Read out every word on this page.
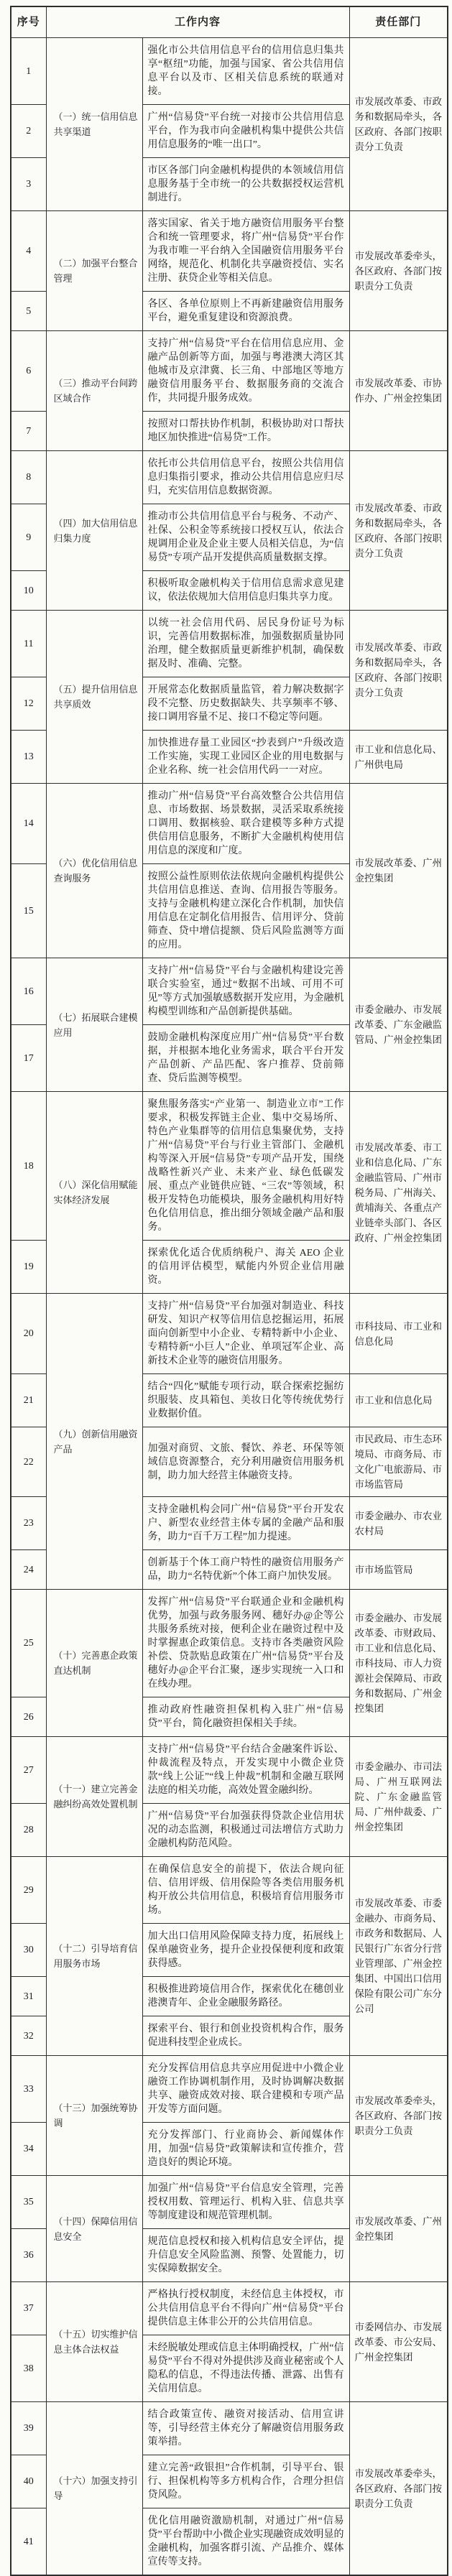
序号	工作内容		责任部门
1	（一）统一信用信息共享渠道	强化市公共信用信息平台的信用信息归集共享“枢纽”功能，加强与国家、省公共信用信息平台以及市、区相关信息系统的联通对接。	市发展改革委、市政务和数据局牵头，各区政府、各部门按职责分工负责
2		广州“信易贷”平台统一对接市公共信用信息平台，作为我市向金融机构集中提供公共信用信息服务的“唯一出口”。	
3		市区各部门向金融机构提供的本领域信用信息服务基于全市统一的公共数据授权运营机制进行。	
4	（二）加强平台整合管理	落实国家、省关于地方融资信用服务平台整合和统一管理要求，将广州“信易贷”平台作为我市唯一平台纳入全国融资信用服务平台网络，规范化、机制化共享融资授信、实名注册、获贷企业等相关信息。	市发展改革委牵头，各区政府、各部门按职责分工负责
5		各区、各单位原则上不再新建融资信用服务平台，避免重复建设和资源浪费。	
6	（三）推动平台间跨区域合作	支持广州“信易贷”平台在信用信息应用、金融产品创新等方面，加强与粤港澳大湾区其他城市及京津冀、长三角、中部地区等地方融资信用服务平台、数据服务商的交流合作，共同提升服务成效。	市发展改革委、市协作办、广州金控集团
7		按照对口帮扶协作机制，积极协助对口帮扶地区加快推进“信易贷”工作。	
8	（四）加大信用信息归集力度	依托市公共信用信息平台，按照公共信用信息归集指引要求，推动公共信用信息应归尽归，充实信用信息数据资源。	市发展改革委、市政务和数据局牵头，各区政府、各部门按职责分工负责
9		推动市公共信用信息平台与税务、不动产、社保、公积金等系统接口授权互认，依法合规调用企业及企业主要人员相关信息，为“信易贷”专项产品开发提供高质量数据支撑。	
10		积极听取金融机构关于信用信息需求意见建议，依法依规加大信用信息归集共享力度。	
11	（五）提升信用信息共享质效	以统一社会信用代码、居民身份证号为标识，完善信用数据标准，加强数据质量协同治理，健全数据质量更新维护机制，确保数据及时、准确、完整。	市发展改革委、市政务和数据局牵头，各区政府、各部门按职责分工负责
12		开展常态化数据质量监管，着力解决数据字段不完整、历史数据缺失、共享频率不够、接口调用容量不足、接口不稳定等问题。	
13		加快推进存量工业园区“抄表到户”升级改造工作实施，实现工业园区企业的用电数据与企业名称、统一社会信用代码一一对应。	市工业和信息化局、广州供电局
14	（六）优化信用信息查询服务	推动广州“信易贷”平台高效整合公共信用信息、市场数据、场景数据，灵活采取系统接口调用、数据核验、联合建模等多种方式提供信用信息服务，不断扩大金融机构使用信用信息的深度和广度。	市发展改革委、广州金控集团
15		按照公益性原则依法依规向金融机构提供公共信用信息推送、查询、信用报告等服务。支持与金融机构建立深化合作机制，加快信用信息在定制化信用报告、信用评分、贷前筛查、贷中增信提额、贷后风险监测等方面的应用。	
16	（七）拓展联合建模应用	支持广州“信易贷”平台与金融机构建设完善联合实验室，通过“数据不出域、可用不可见”等方式加强敏感数据开发应用，为金融机构模型训练和产品创新提供基础。	市委金融办、市发展改革委、广东金融监管局、广州金控集团
17		鼓励金融机构深度应用广州“信易贷”平台数据，并根据本地化业务需求，联合平台开发产品创新、产品匹配、客户推荐、贷前筛查、贷后监测等模型。	
18	（八）深化信用赋能实体经济发展	聚焦服务落实“产业第一、制造业立市”工作要求，积极发挥链主企业、集中交易场所、特色产业集群等的信用信息集聚优势，支持广州“信易贷”平台与行业主管部门、金融机构等深入开展“信易贷”专项产品开发，围绕战略性新兴产业、未来产业、绿色低碳发展、重点产业链供应链、“三农”等领域，积极开发特色功能模块，服务金融机构用好特色化信用信息，推出细分领域金融产品和服务。	市发展改革委、市工业和信息化局、广东金融监管局、广州市税务局、广州海关、黄埔海关、各重点产业链牵头部门、各区政府、广州金控集团
19		探索优化适合优质纳税户、海关 AEO 企业的信用评估模型，赋能内外贸企业信用融资。	
20	（九）创新信用融资产品	支持广州“信易贷”平台加强对制造业、科技研发、知识产权等信用信息挖掘运用，拓展面向创新型中小企业、专精特新中小企业、专精特新“小巨人”企业、单项冠军企业、高新技术企业等的融资信用服务。	市科技局、市工业和信息化局
21		结合“四化”赋能专项行动，联合探索挖掘纺织服装、皮具箱包、美妆日化等传统优势行业数据价值。	市工业和信息化局
22		加强对商贸、文旅、餐饮、养老、环保等领域信息资源整合，充分利用融资信用服务机制，助力加大经营主体融资支持。	市民政局、市生态环境局、市商务局、市文化广电旅游局、市市场监管局
23		支持金融机构会同广州“信易贷”平台开发农户、新型农业经营主体专属的金融产品和服务，助力“百千万工程”加力提速。	市委金融办、市农业农村局
24		创新基于个体工商户特性的融资信用服务产品，助力“名特优新”个体工商户加快发展。	市市场监管局
25	（十）完善惠企政策直达机制	发挥广州“信易贷”平台联通企业和金融机构优势，加强与政务服务网、穗好办@企等公共服务系统对接，便利企业在融资过程中及时掌握惠企政策信息。支持市各类融资风险补偿、贷款贴息政策在广州“信易贷”平台及穗好办@企平台汇聚，逐步实现统一入口和在线办理。	市委金融办、市发展改革委、市财政局、市工业和信息化局、市科技局、市人力资源社会保障局、市政务和数据局、广州金控集团
26		推动政府性融资担保机构入驻广州“信易贷”平台，简化融资担保相关手续。	
27	（十一）建立完善金融纠纷高效处置机制	支持广州“信易贷”平台结合金融案件诉讼、仲裁流程及特点，开发实现中小微企业贷款“线上公证”“线上仲裁”机制和金融互联网法庭的相关功能，高效处置金融纠纷。	市委金融办、市司法局、广州互联网法院、广东金融监管局、广州仲裁委、广州金控集团
28		广州“信易贷”平台加强获得贷款企业信用状况的动态监测，积极通过司法增信方式助力金融机构防范风险。	
29	（十二）引导培育信用服务市场	在确保信息安全的前提下，依法合规向征信、信用评级、信用保险等各类信用服务机构开放公共信用信息，积极培育信用服务市场。	市发展改革委、市委金融办、市商务局、市政务和数据局、人民银行广东省分行营业管理部、广州金控集团、中国出口信用保险有限公司广东分公司
30		加大出口信用风险保障支持力度，拓展线上保单融资业务，提升企业投保便利度和政策获得感。	
31		积极推进跨境信用合作，探索优化在穗创业港澳青年、企业金融服务路径。	
32		探索平台、银行和创业投资机构合作，服务促进科技型企业成长。	
33	（十三）加强统筹协调	充分发挥信用信息共享应用促进中小微企业融资工作协调机制作用，及时协调解决数据共享、融资成效对接、联合建模和专项产品开发等方面问题。	市发展改革委牵头，各区政府、各部门按职责分工负责
34		充分发挥部门、行业商协会、新闻媒体作用，加强“信易贷”政策解读和宣传推介，营造良好的舆论环境。	
35	（十四）保障信用信息安全	加强广州“信易贷”平台信息安全管理，完善授权用数、管理运行、机构入驻、信息共享等制度建设和规范管理机制。	市发展改革委、广州金控集团
36		规范信息授权和接入机构信息安全评估，提升信息安全风险监测、预警、处置能力，切实保障数据安全。	
37	（十五）切实维护信息主体合法权益	严格执行授权制度，未经信息主体授权，市公共信用信息平台不得向广州“信易贷”平台提供信息主体非公开的公共信用信息。	市委网信办、市发展改革委、市公安局、广州金控集团
38		未经脱敏处理或信息主体明确授权，广州“信易贷”平台不得对外提供涉及商业秘密或个人隐私的信息，不得违法传播、泄露、出售有关信用信息。	
39	（十六）加强支持引导	结合政策宣传、融资对接活动、信用宣讲等，引导经营主体充分了解融资信用服务政策举措。	市发展改革委牵头，各区政府、各部门按职责分工负责
40		建立完善“政银担”合作机制，引导平台、银行、担保机构等多方机构合作，合理分担信贷风险。	
41		优化信用融资激励机制，对通过广州“信易贷”平台帮助中小微企业实现融资成效明显的金融机构，加强客群引流、产品推介、媒体宣传等支持。	
